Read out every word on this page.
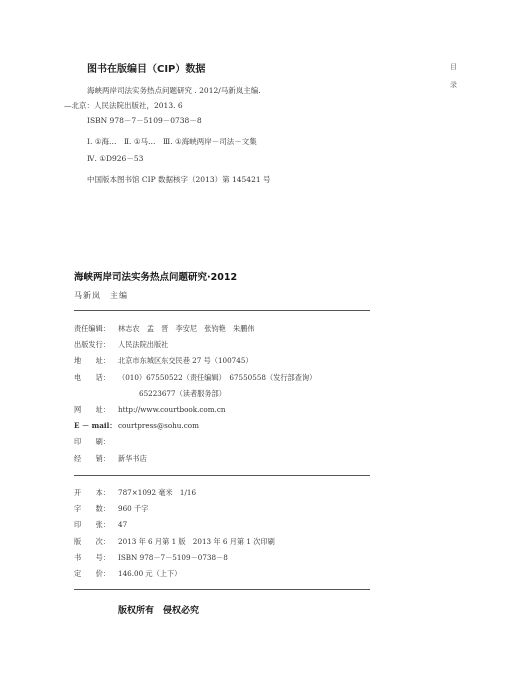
图书在版编目（CIP）数据
海峡两岸司法实务热点问题研究 . 2012/马新岚主编.
—北京：人民法院出版社，2013. 6
ISBN 978－7－5109－0738－8
Ⅰ. ①海…　Ⅱ. ①马…　Ⅲ. ①海峡两岸－司法－文集
Ⅳ. ①D926－53
中国版本图书馆 CIP 数据核字（2013）第 145421 号
目
录
海峡两岸司法实务热点问题研究·2012
马新岚　主编
责任编辑： 林志农　孟　晋　李安尼　张钧艳　朱鹏伟
出版发行： 人民法院出版社
地　　址： 北京市东城区东交民巷 27 号（100745）
电　　话： （010）67550522（责任编辑）　67550558（发行部查询）
65223677（读者服务部）
网　　址： http://www.courtbook.com.cn
E － mail：courtpress@sohu.com
印　　刷：
经　　销： 新华书店
开　　本： 787×1092 毫米　1/16
字　　数： 960 千字
印　　张： 47
版　　次： 2013 年 6 月第 1 版　2013 年 6 月第 1 次印刷
书　　号： ISBN 978－7－5109－0738－8
定　　价： 146.00 元（上下）
版权所有　侵权必究
